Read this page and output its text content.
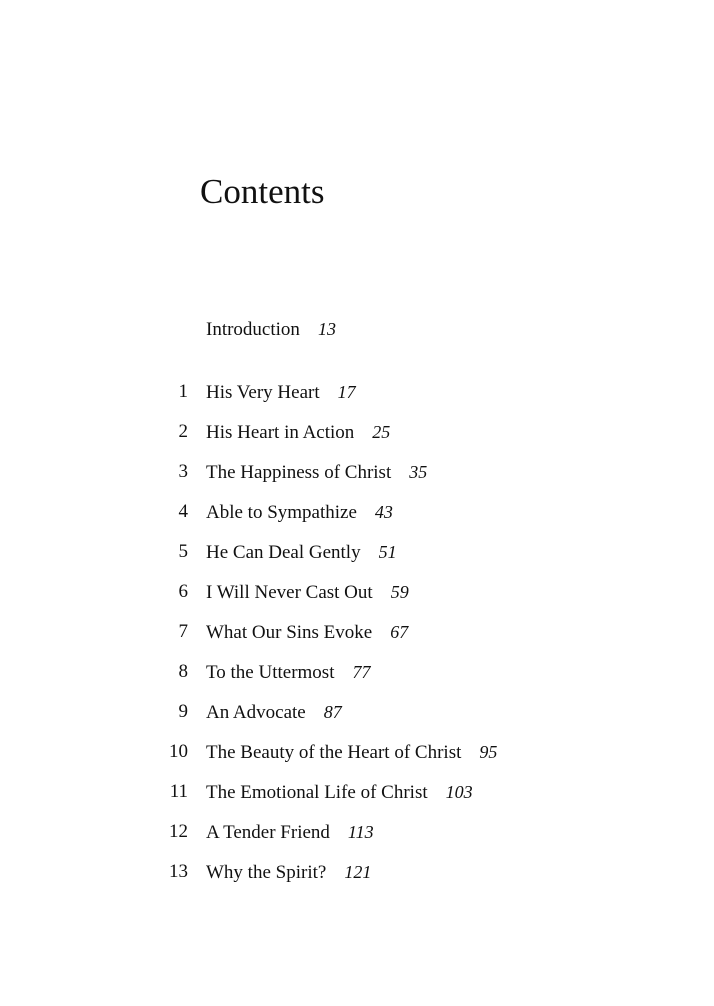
Contents
Introduction 13
1 His Very Heart 17
2 His Heart in Action 25
3 The Happiness of Christ 35
4 Able to Sympathize 43
5 He Can Deal Gently 51
6 I Will Never Cast Out 59
7 What Our Sins Evoke 67
8 To the Uttermost 77
9 An Advocate 87
10 The Beauty of the Heart of Christ 95
11 The Emotional Life of Christ 103
12 A Tender Friend 113
13 Why the Spirit? 121
